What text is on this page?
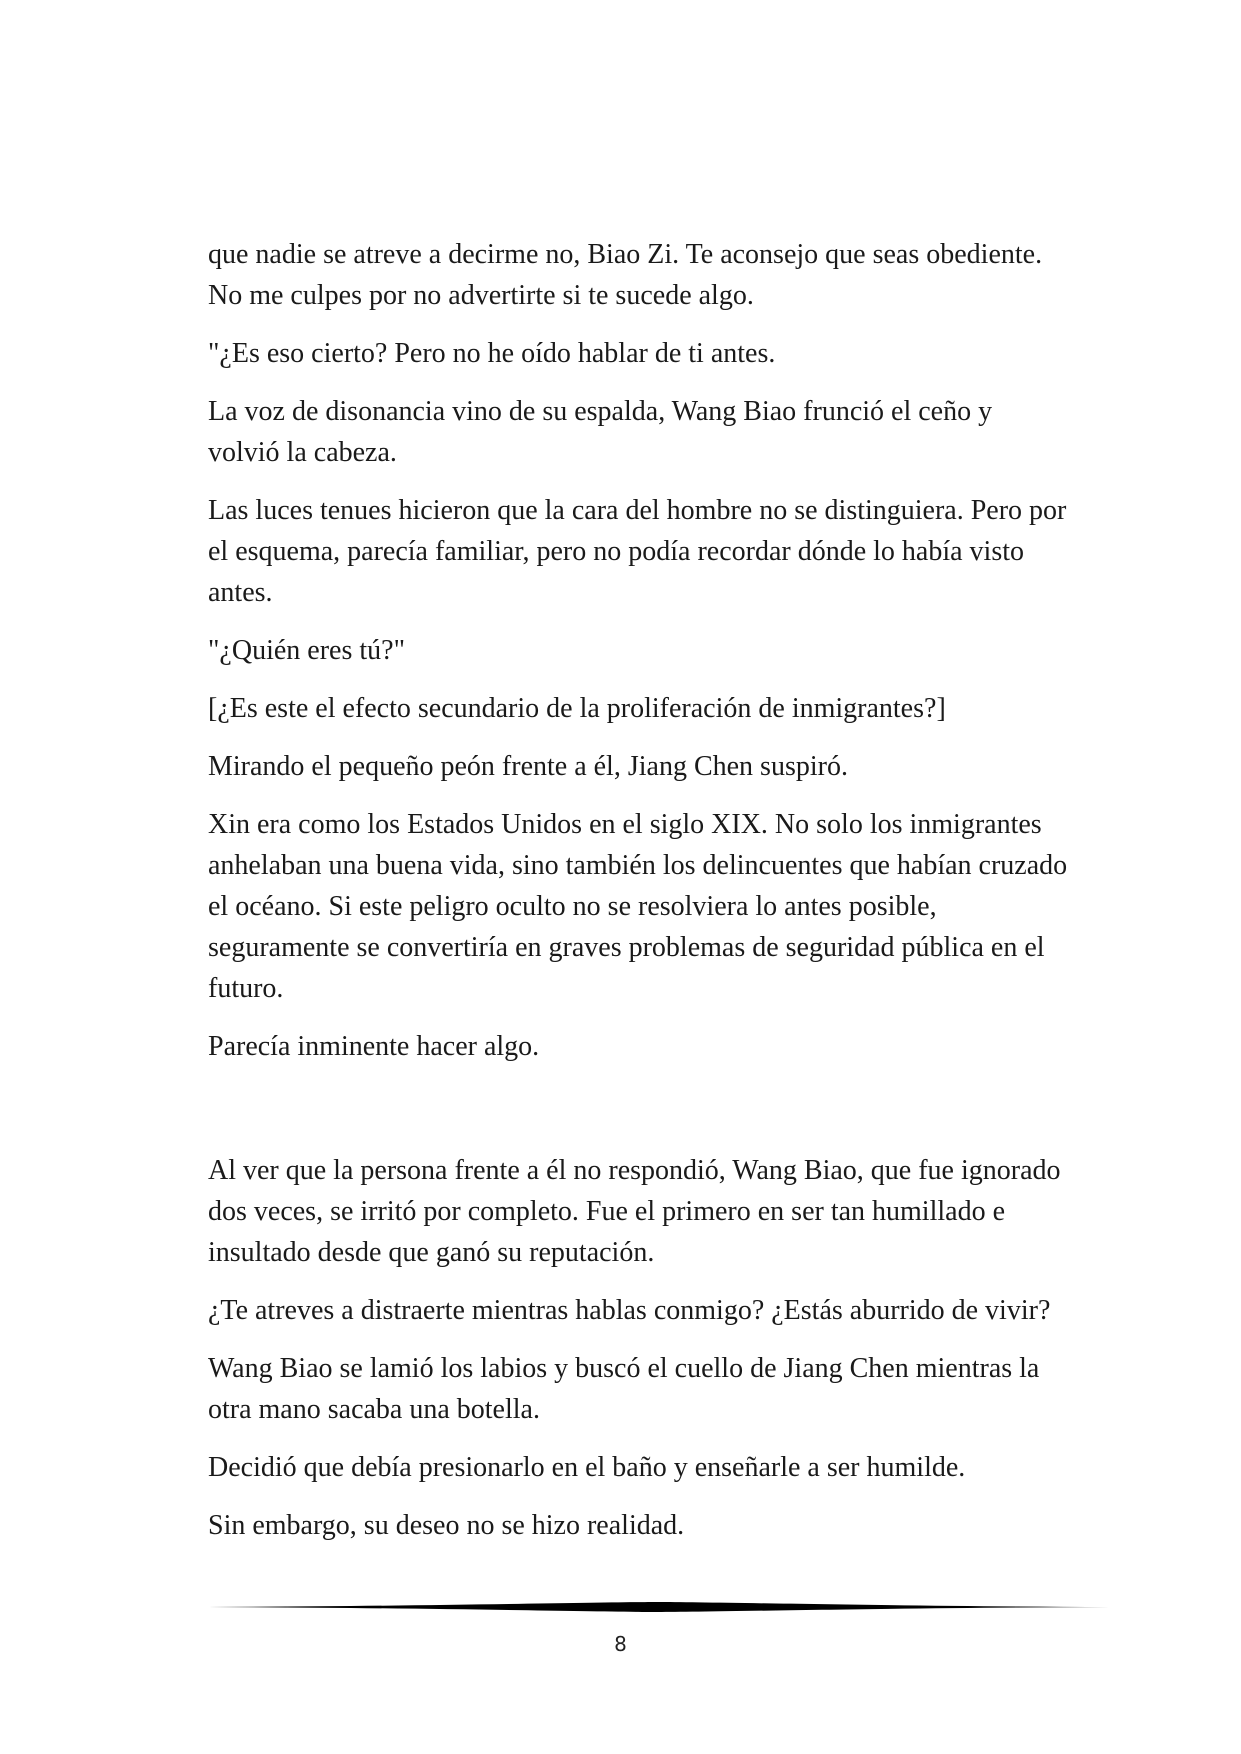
que nadie se atreve a decirme no, Biao Zi. Te aconsejo que seas obediente. No me culpes por no advertirte si te sucede algo.

"¿Es eso cierto? Pero no he oído hablar de ti antes.

La voz de disonancia vino de su espalda, Wang Biao frunció el ceño y volvió la cabeza.

Las luces tenues hicieron que la cara del hombre no se distinguiera. Pero por el esquema, parecía familiar, pero no podía recordar dónde lo había visto antes.

"¿Quién eres tú?"

[¿Es este el efecto secundario de la proliferación de inmigrantes?]

Mirando el pequeño peón frente a él, Jiang Chen suspiró.

Xin era como los Estados Unidos en el siglo XIX. No solo los inmigrantes anhelaban una buena vida, sino también los delincuentes que habían cruzado el océano. Si este peligro oculto no se resolviera lo antes posible, seguramente se convertiría en graves problemas de seguridad pública en el futuro.

Parecía inminente hacer algo.

Al ver que la persona frente a él no respondió, Wang Biao, que fue ignorado dos veces, se irritó por completo. Fue el primero en ser tan humillado e insultado desde que ganó su reputación.

¿Te atreves a distraerte mientras hablas conmigo? ¿Estás aburrido de vivir?

Wang Biao se lamió los labios y buscó el cuello de Jiang Chen mientras la otra mano sacaba una botella.

Decidió que debía presionarlo en el baño y enseñarle a ser humilde.

Sin embargo, su deseo no se hizo realidad.

8
